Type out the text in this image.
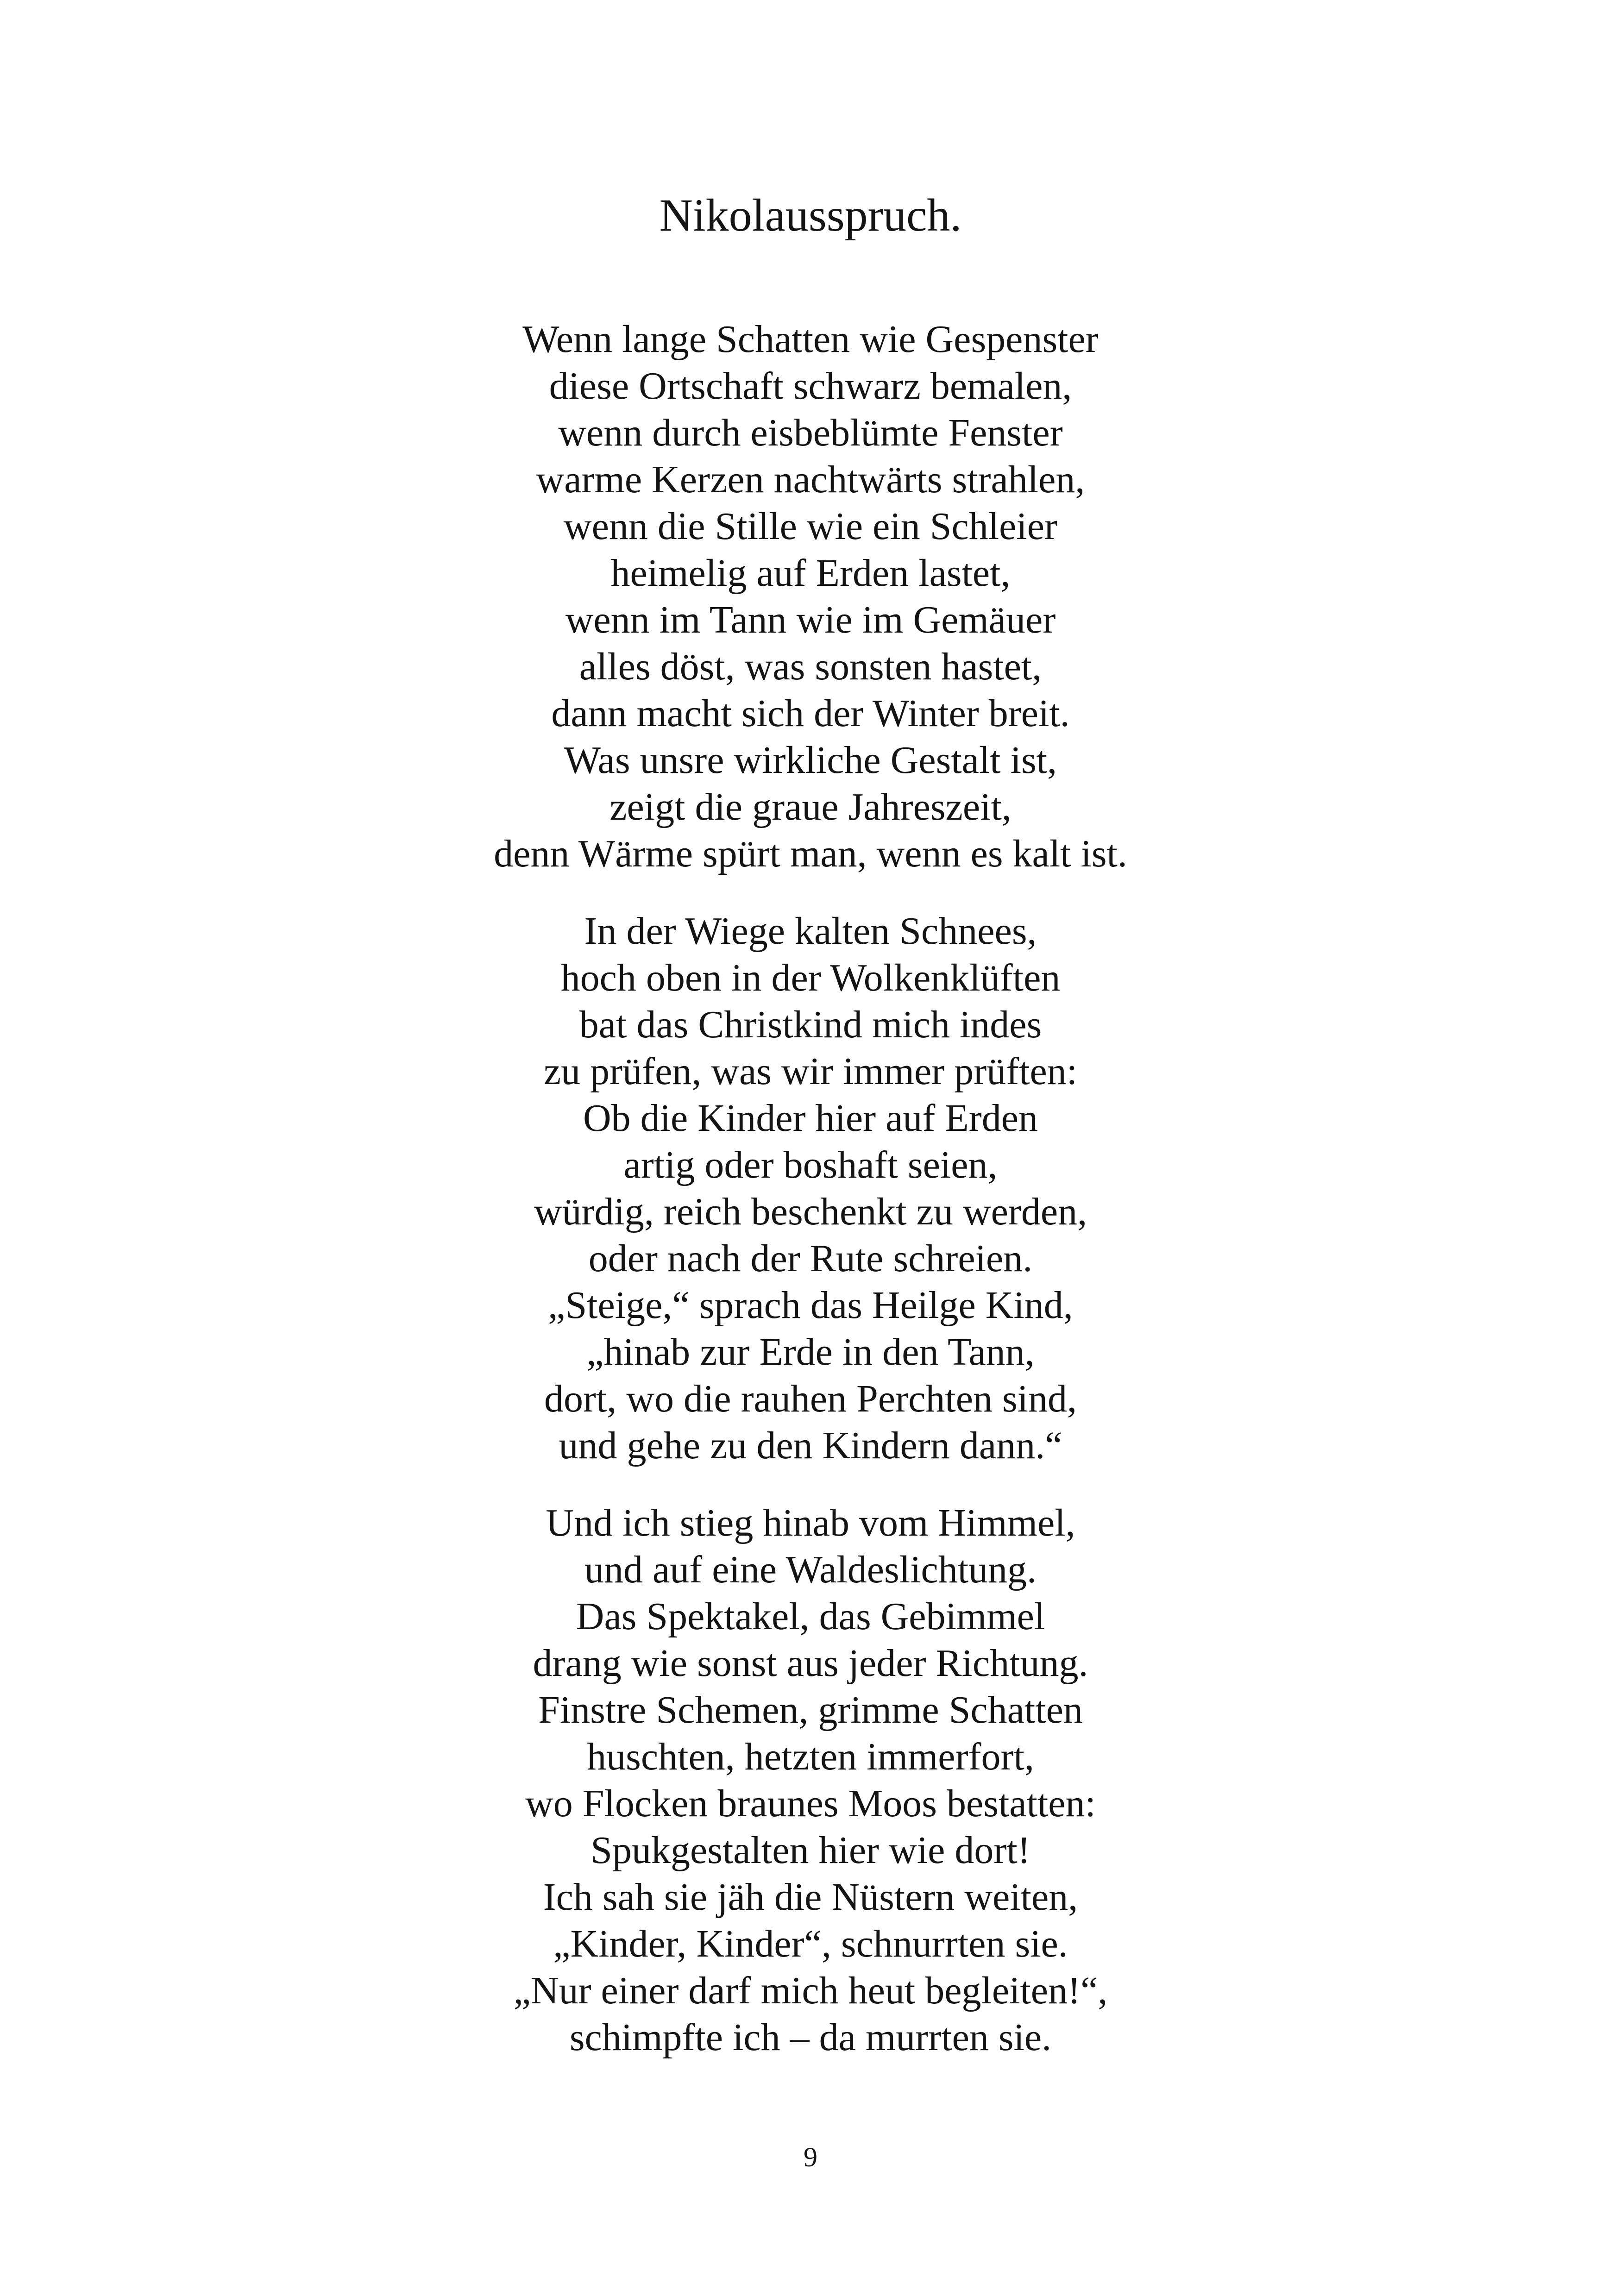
Nikolausspruch.
Wenn lange Schatten wie Gespenster
diese Ortschaft schwarz bemalen,
wenn durch eisbeblümte Fenster
warme Kerzen nachtwärts strahlen,
wenn die Stille wie ein Schleier
heimelig auf Erden lastet,
wenn im Tann wie im Gemäuer
alles döst, was sonsten hastet,
dann macht sich der Winter breit.
Was unsre wirkliche Gestalt ist,
zeigt die graue Jahreszeit,
denn Wärme spürt man, wenn es kalt ist.
In der Wiege kalten Schnees,
hoch oben in der Wolkenklüften
bat das Christkind mich indes
zu prüfen, was wir immer prüften:
Ob die Kinder hier auf Erden
artig oder boshaft seien,
würdig, reich beschenkt zu werden,
oder nach der Rute schreien.
„Steige,“ sprach das Heilge Kind,
„hinab zur Erde in den Tann,
dort, wo die rauhen Perchten sind,
und gehe zu den Kindern dann.“
Und ich stieg hinab vom Himmel,
und auf eine Waldeslichtung.
Das Spektakel, das Gebimmel
drang wie sonst aus jeder Richtung.
Finstre Schemen, grimme Schatten
huschten, hetzten immerfort,
wo Flocken braunes Moos bestatten:
Spukgestalten hier wie dort!
Ich sah sie jäh die Nüstern weiten,
„Kinder, Kinder“, schnurrten sie.
„Nur einer darf mich heut begleiten!“,
schimpfte ich – da murrten sie.
9
